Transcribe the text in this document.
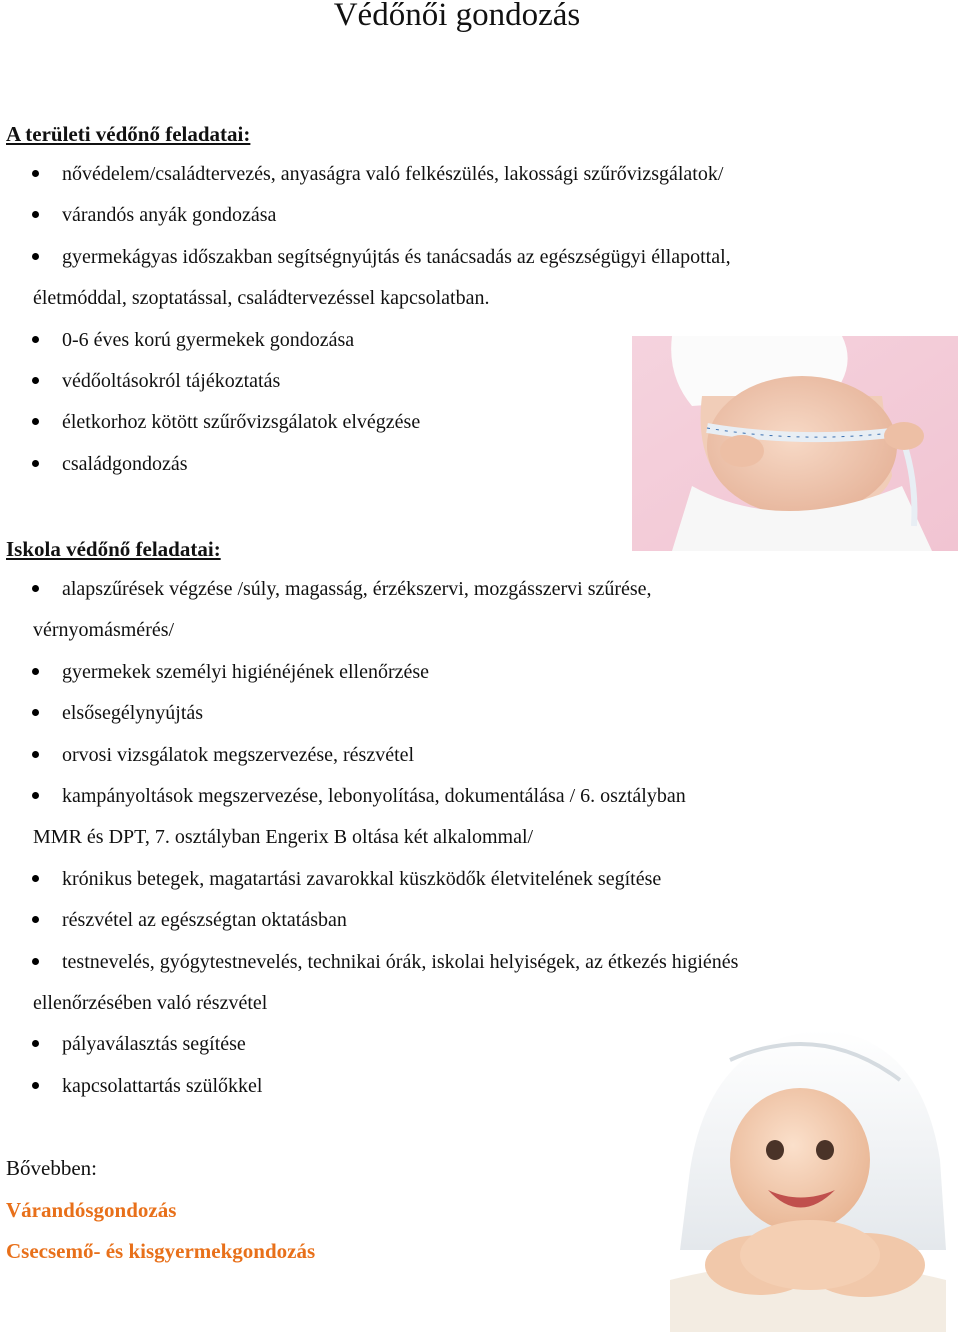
Védőnői gondozás
A területi védőnő feladatai:
nővédelem/családtervezés, anyaságra való felkészülés, lakossági szűrővizsgálatok/
várandós anyák gondozása
gyermekágyas időszakban segítségnyújtás és tanácsadás az egészségügyi éllapottal,
életmóddal, szoptatással, családtervezéssel kapcsolatban.
0-6 éves korú gyermekek gondozása
védőoltásokról tájékoztatás
életkorhoz kötött szűrővizsgálatok elvégzése
családgondozás
Iskola védőnő feladatai:
alapszűrések végzése /súly, magasság, érzékszervi, mozgásszervi szűrése,
vérnyomásmérés/
gyermekek személyi higiénéjének ellenőrzése
elsősegélynyújtás
orvosi vizsgálatok megszervezése, részvétel
kampányoltások megszervezése, lebonyolítása, dokumentálása / 6. osztályban
MMR és DPT, 7. osztályban Engerix B oltása két alkalommal/
krónikus betegek, magatartási zavarokkal küszködők életvitelének segítése
részvétel az egészségtan oktatásban
testnevelés, gyógytestnevelés, technikai órák, iskolai helyiségek, az étkezés higiénés
ellenőrzésében való részvétel
pályaválasztás segítése
kapcsolattartás szülőkkel
Bővebben:
Várandósgondozás
Csecsemő- és kisgyermekgondozás
